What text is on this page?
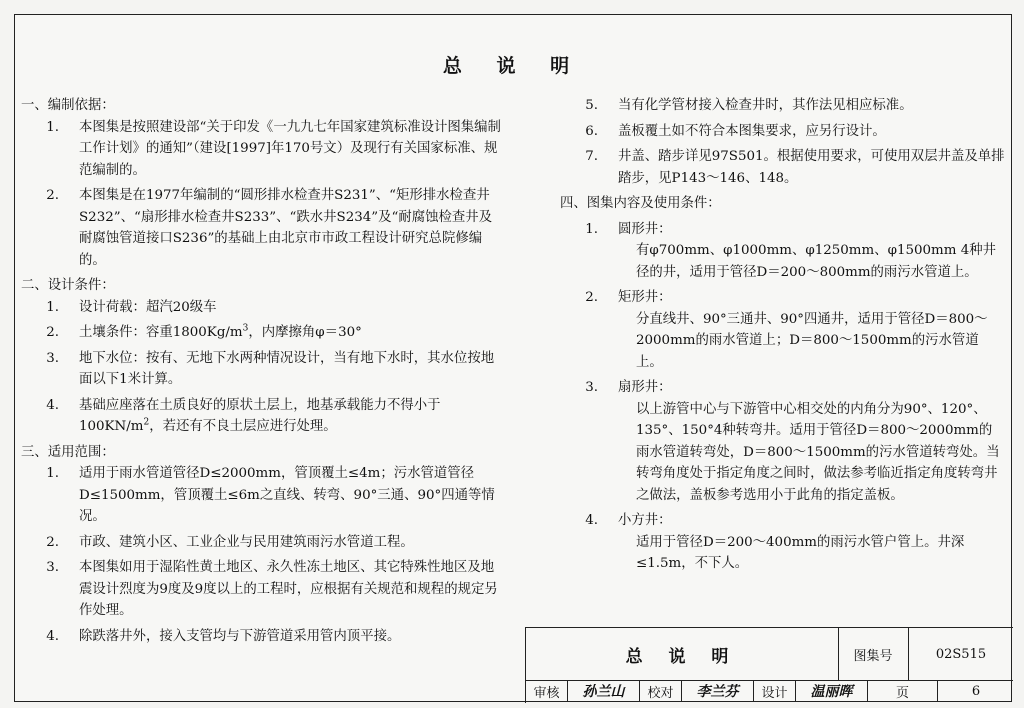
总 说 明
一、编制依据：
1.	本图集是按照建设部“关于印发《一九九七年国家建筑标准设计图集编制工作计划》的通知”（建设[1997]年170号文）及现行有关国家标准、规范编制的。
2.	本图集是在1977年编制的“圆形排水检查井S231”、“矩形排水检查井S232”、“扇形排水检查井S233”、“跌水井S234”及“耐腐蚀检查井及耐腐蚀管道接口S236”的基础上由北京市市政工程设计研究总院修编的。
二、设计条件：
1.	设计荷载：超汽20级车
2.	土壤条件：容重$1800Kg/m^3$，内摩擦角φ＝30°
3.	地下水位：按有、无地下水两种情况设计，当有地下水时，其水位按地面以下1米计算。
4.	基础应座落在土质良好的原状土层上，地基承载能力不得小于$100KN/m^2$，若还有不良土层应进行处理。
三、适用范围：
1.	适用于雨水管道管径D≤2000mm，管顶覆土≤4m；污水管道管径D≤1500mm，管顶覆土≤6m之直线、转弯、90°三通、90°四通等情况。
2.	市政、建筑小区、工业企业与民用建筑雨污水管道工程。
3.	本图集如用于湿陷性黄土地区、永久性冻土地区、其它特殊性地区及地震设计烈度为9度及9度以上的工程时，应根据有关规范和规程的规定另作处理。
4.	除跌落井外，接入支管均与下游管道采用管内顶平接。
5.	当有化学管材接入检查井时，其作法见相应标准。
6.	盖板覆土如不符合本图集要求，应另行设计。
7.	井盖、踏步详见97S501。根据使用要求，可使用双层井盖及单排踏步，见P143～146、148。
四、图集内容及使用条件：
1.	圆形井：
有φ700mm、φ1000mm、φ1250mm、φ1500mm 4种井径的井，适用于管径D＝200～800mm的雨污水管道上。
2.	矩形井：
分直线井、90°三通井、90°四通井，适用于管径D＝800～2000mm的雨水管道上；D＝800～1500mm的污水管道上。
3.	扇形井：
以上游管中心与下游管中心相交处的内角分为90°、120°、135°、150°4种转弯井。适用于管径D＝800～2000mm的雨水管道转弯处，D＝800～1500mm的污水管道转弯处。当转弯角度处于指定角度之间时，做法参考临近指定角度转弯井之做法，盖板参考选用小于此角的指定盖板。
4.	小方井：
适用于管径D＝200～400mm的雨污水管户管上。井深≤1.5m，不下人。
总 说 明	图集号	02S515
审核	孙兰山	校对	李兰芬	设计	温丽晖	页	6
